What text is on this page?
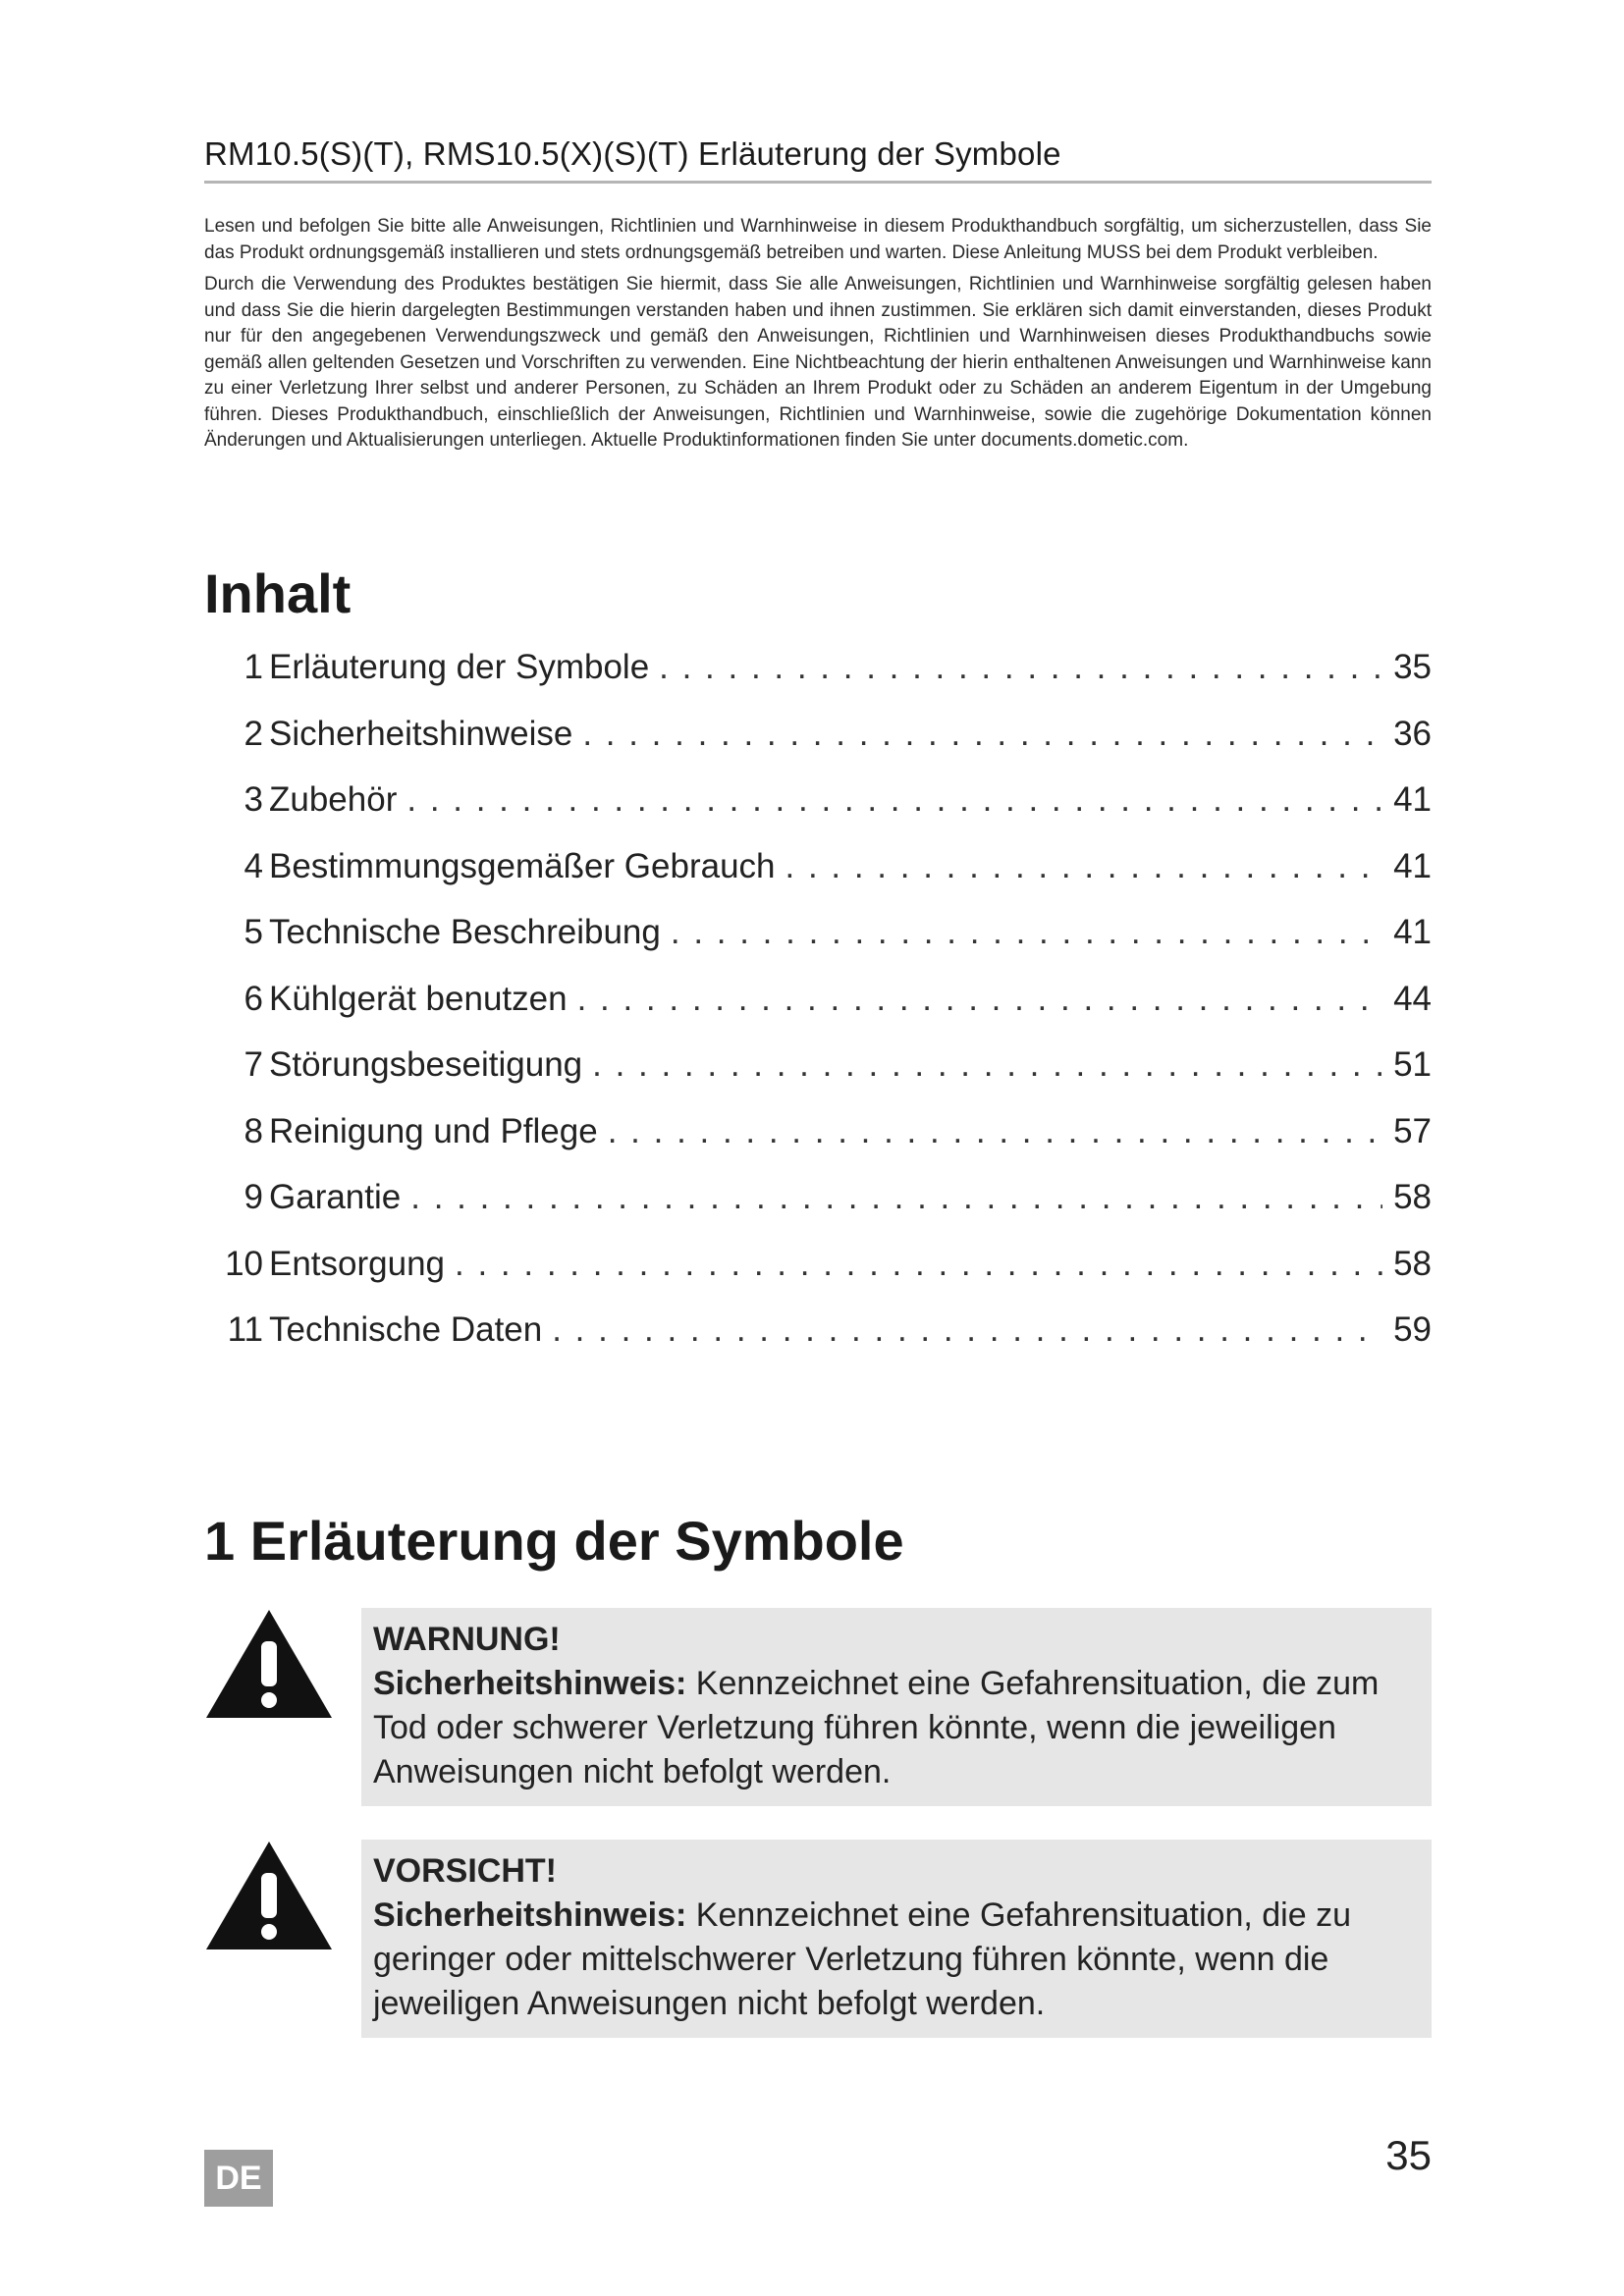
RM10.5(S)(T), RMS10.5(X)(S)(T) Erläuterung der Symbole

Lesen und befolgen Sie bitte alle Anweisungen, Richtlinien und Warnhinweise in diesem Produkthandbuch sorgfältig, um sicherzustellen, dass Sie das Produkt ordnungsgemäß installieren und stets ordnungsgemäß betreiben und warten. Diese Anleitung MUSS bei dem Produkt verbleiben.

Durch die Verwendung des Produktes bestätigen Sie hiermit, dass Sie alle Anweisungen, Richtlinien und Warnhinweise sorgfältig gelesen haben und dass Sie die hierin dargelegten Bestimmungen verstanden haben und ihnen zustimmen. Sie erklären sich damit einverstanden, dieses Produkt nur für den angegebenen Verwendungszweck und gemäß den Anweisungen, Richtlinien und Warnhinweisen dieses Produkthandbuchs sowie gemäß allen geltenden Gesetzen und Vorschriften zu verwenden. Eine Nichtbeachtung der hierin enthaltenen Anweisungen und Warnhinweise kann zu einer Verletzung Ihrer selbst und anderer Personen, zu Schäden an Ihrem Produkt oder zu Schäden an anderem Eigentum in der Umgebung führen. Dieses Produkthandbuch, einschließlich der Anweisungen, Richtlinien und Warnhinweise, sowie die zugehörige Dokumentation können Änderungen und Aktualisierungen unterliegen. Aktuelle Produktinformationen finden Sie unter documents.dometic.com.

Inhalt
1 Erläuterung der Symbole . . .	35
2 Sicherheitshinweise . . .	36
3 Zubehör . . .	41
4 Bestimmungsgemäßer Gebrauch . . .	41
5 Technische Beschreibung . . .	41
6 Kühlgerät benutzen . . .	44
7 Störungsbeseitigung . . .	51
8 Reinigung und Pflege . . .	57
9 Garantie . . .	58
10 Entsorgung . . .	58
11 Technische Daten . . .	59
1 Erläuterung der Symbole
WARNUNG!
Sicherheitshinweis: Kennzeichnet eine Gefahrensituation, die zum Tod oder schwerer Verletzung führen könnte, wenn die jeweiligen Anweisungen nicht befolgt werden.
VORSICHT!
Sicherheitshinweis: Kennzeichnet eine Gefahrensituation, die zu geringer oder mittelschwerer Verletzung führen könnte, wenn die jeweiligen Anweisungen nicht befolgt werden.
DE	35
